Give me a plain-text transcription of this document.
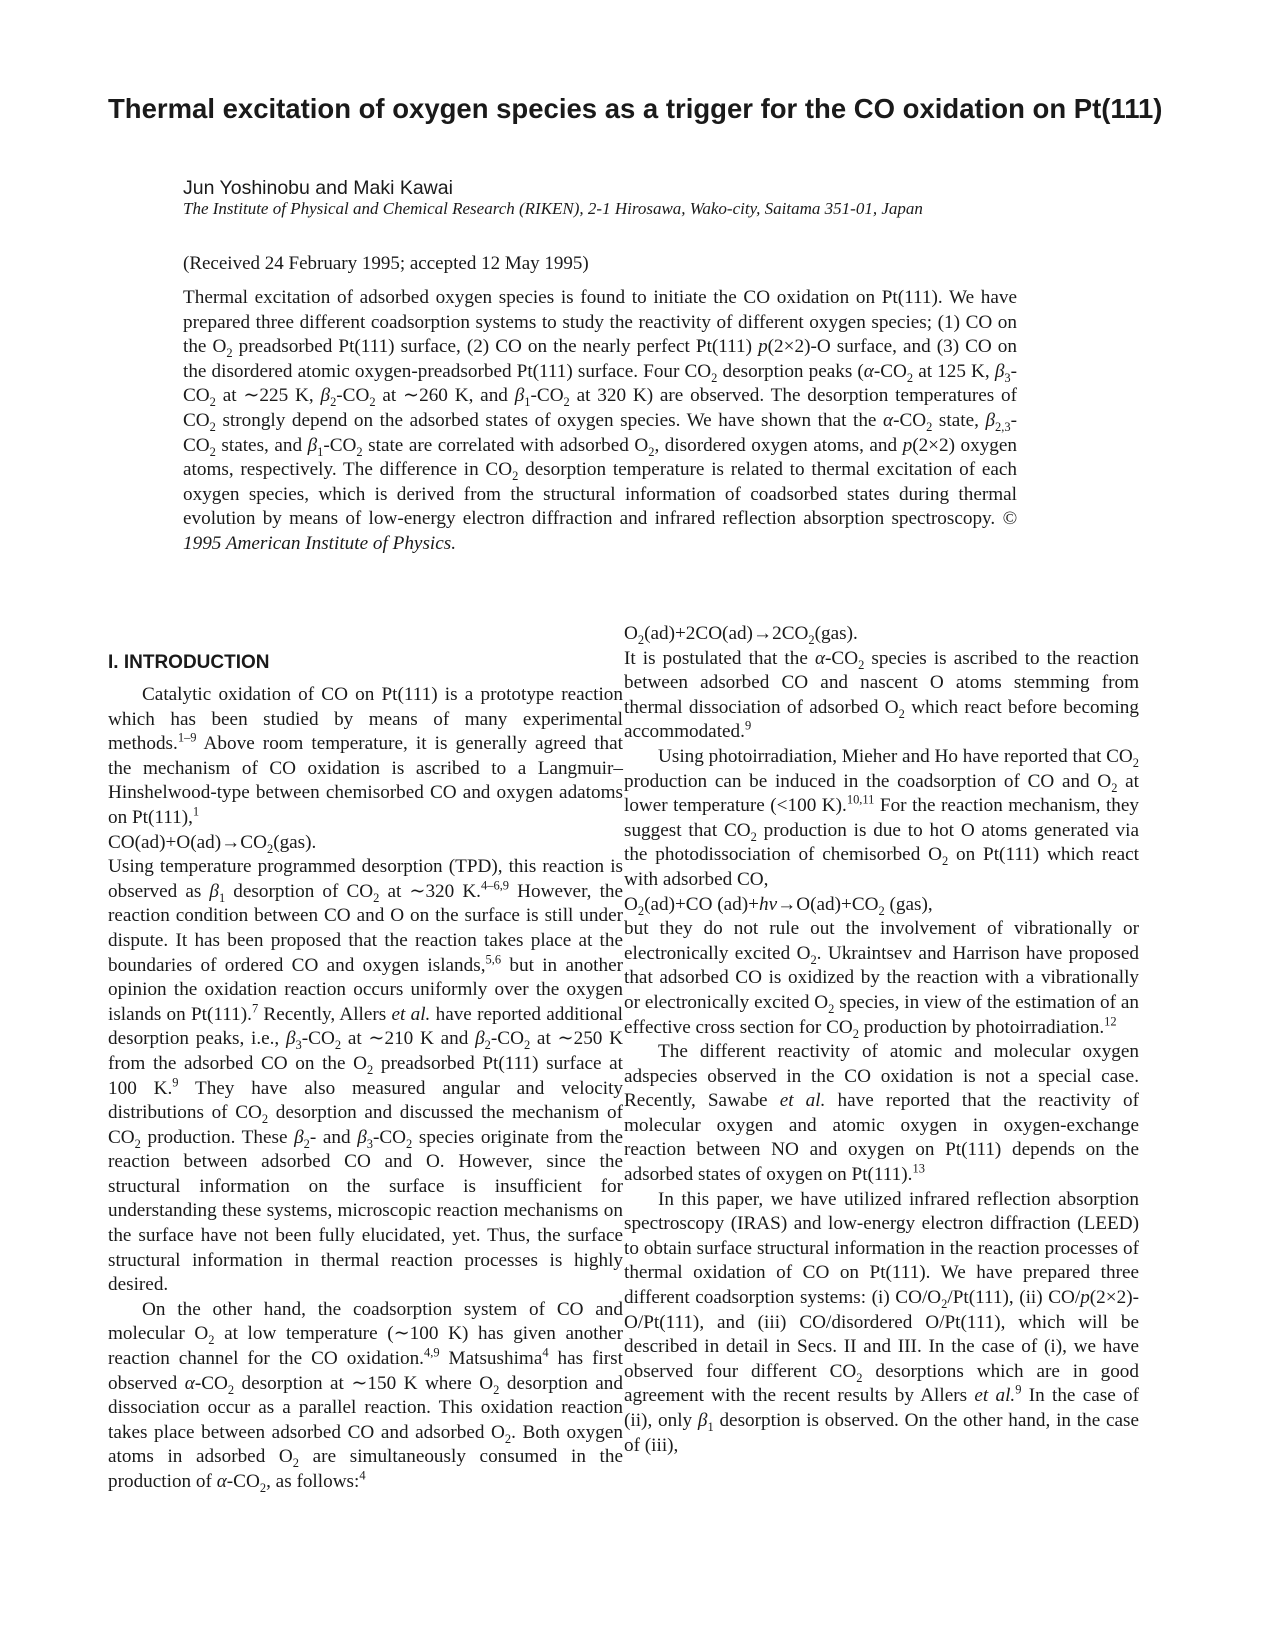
Thermal excitation of oxygen species as a trigger for the CO oxidation on Pt(111)

Jun Yoshinobu and Maki Kawai

The Institute of Physical and Chemical Research (RIKEN), 2-1 Hirosawa, Wako-city, Saitama 351-01, Japan

(Received 24 February 1995; accepted 12 May 1995)

Thermal excitation of adsorbed oxygen species is found to initiate the CO oxidation on Pt(111). We have prepared three different coadsorption systems to study the reactivity of different oxygen species; (1) CO on the $O_2$ preadsorbed Pt(111) surface, (2) CO on the nearly perfect Pt(111) p(2×2)-O surface, and (3) CO on the disordered atomic oxygen-preadsorbed Pt(111) surface. Four $CO_2$ desorption peaks ($\alpha-CO_2$ at 125 K, $\beta_3-CO_2$ at ∼225 K, $\beta_2-CO_2$ at ∼260 K, and $\beta_1-CO_2$ at 320 K) are observed. The desorption temperatures of $CO_2$ strongly depend on the adsorbed states of oxygen species. We have shown that the $\alpha-CO_2$ state, $\beta_{2,3}-CO_2$ states, and $\beta_1-CO_2$ state are correlated with adsorbed $O_2$, disordered oxygen atoms, and p(2×2) oxygen atoms, respectively. The difference in $CO_2$ desorption temperature is related to thermal excitation of each oxygen species, which is derived from the structural information of coadsorbed states during thermal evolution by means of low-energy electron diffraction and infrared reflection absorption spectroscopy. © 1995 American Institute of Physics.

I. INTRODUCTION

Catalytic oxidation of CO on Pt(111) is a prototype reaction which has been studied by means of many experimental methods.$^{1-9}$ Above room temperature, it is generally agreed that the mechanism of CO oxidation is ascribed to a Langmuir–Hinshelwood-type between chemisorbed CO and oxygen adatoms on Pt(111),$^1$

$CO(ad)+O(ad)\to CO_2(gas)$.

Using temperature programmed desorption (TPD), this reaction is observed as $\beta_1$ desorption of $CO_2$ at ∼320 K.$^{4-6,9}$ However, the reaction condition between CO and O on the surface is still under dispute. It has been proposed that the reaction takes place at the boundaries of ordered CO and oxygen islands,$^{5,6}$ but in another opinion the oxidation reaction occurs uniformly over the oxygen islands on Pt(111).$^7$ Recently, Allers et al. have reported additional desorption peaks, i.e., $\beta_3-CO_2$ at ∼210 K and $\beta_2-CO_2$ at ∼250 K from the adsorbed CO on the $O_2$ preadsorbed Pt(111) surface at 100 K.$^9$ They have also measured angular and velocity distributions of $CO_2$ desorption and discussed the mechanism of $CO_2$ production. These $\beta_2-$ and $\beta_3-CO_2$ species originate from the reaction between adsorbed CO and O. However, since the structural information on the surface is insufficient for understanding these systems, microscopic reaction mechanisms on the surface have not been fully elucidated, yet. Thus, the surface structural information in thermal reaction processes is highly desired.

On the other hand, the coadsorption system of CO and molecular $O_2$ at low temperature (∼100 K) has given another reaction channel for the CO oxidation.$^{4,9}$ Matsushima$^4$ has first observed $\alpha-CO_2$ desorption at ∼150 K where $O_2$ desorption and dissociation occur as a parallel reaction. This oxidation reaction takes place between adsorbed CO and adsorbed $O_2$. Both oxygen atoms in adsorbed $O_2$ are simultaneously consumed in the production of $\alpha-CO_2$, as follows:$^4$

$O_2(ad)+2CO(ad)\to 2CO_2(gas)$.

It is postulated that the $\alpha-CO_2$ species is ascribed to the reaction between adsorbed CO and nascent O atoms stemming from thermal dissociation of adsorbed $O_2$ which react before becoming accommodated.$^9$

Using photoirradiation, Mieher and Ho have reported that $CO_2$ production can be induced in the coadsorption of CO and $O_2$ at lower temperature (<100 K).$^{10,11}$ For the reaction mechanism, they suggest that $CO_2$ production is due to hot O atoms generated via the photodissociation of chemisorbed $O_2$ on Pt(111) which react with adsorbed CO,

$O_2(ad)+CO$ $(ad)+h\nu\to O(ad)+CO_2$ (gas),

but they do not rule out the involvement of vibrationally or electronically excited $O_2$. Ukraintsev and Harrison have proposed that adsorbed CO is oxidized by the reaction with a vibrationally or electronically excited $O_2$ species, in view of the estimation of an effective cross section for $CO_2$ production by photoirradiation.$^{12}$

The different reactivity of atomic and molecular oxygen adspecies observed in the CO oxidation is not a special case. Recently, Sawabe et al. have reported that the reactivity of molecular oxygen and atomic oxygen in oxygen-exchange reaction between NO and oxygen on Pt(111) depends on the adsorbed states of oxygen on Pt(111).$^{13}$

In this paper, we have utilized infrared reflection absorption spectroscopy (IRAS) and low-energy electron diffraction (LEED) to obtain surface structural information in the reaction processes of thermal oxidation of CO on Pt(111). We have prepared three different coadsorption systems: (i) $CO/O_2/Pt(111)$, (ii) CO/p(2×2)-O/Pt(111), and (iii) CO/disordered O/Pt(111), which will be described in detail in Secs. II and III. In the case of (i), we have observed four different $CO_2$ desorptions which are in good agreement with the recent results by Allers et al.$^9$ In the case of (ii), only $\beta_1$ desorption is observed. On the other hand, in the case of (iii),
